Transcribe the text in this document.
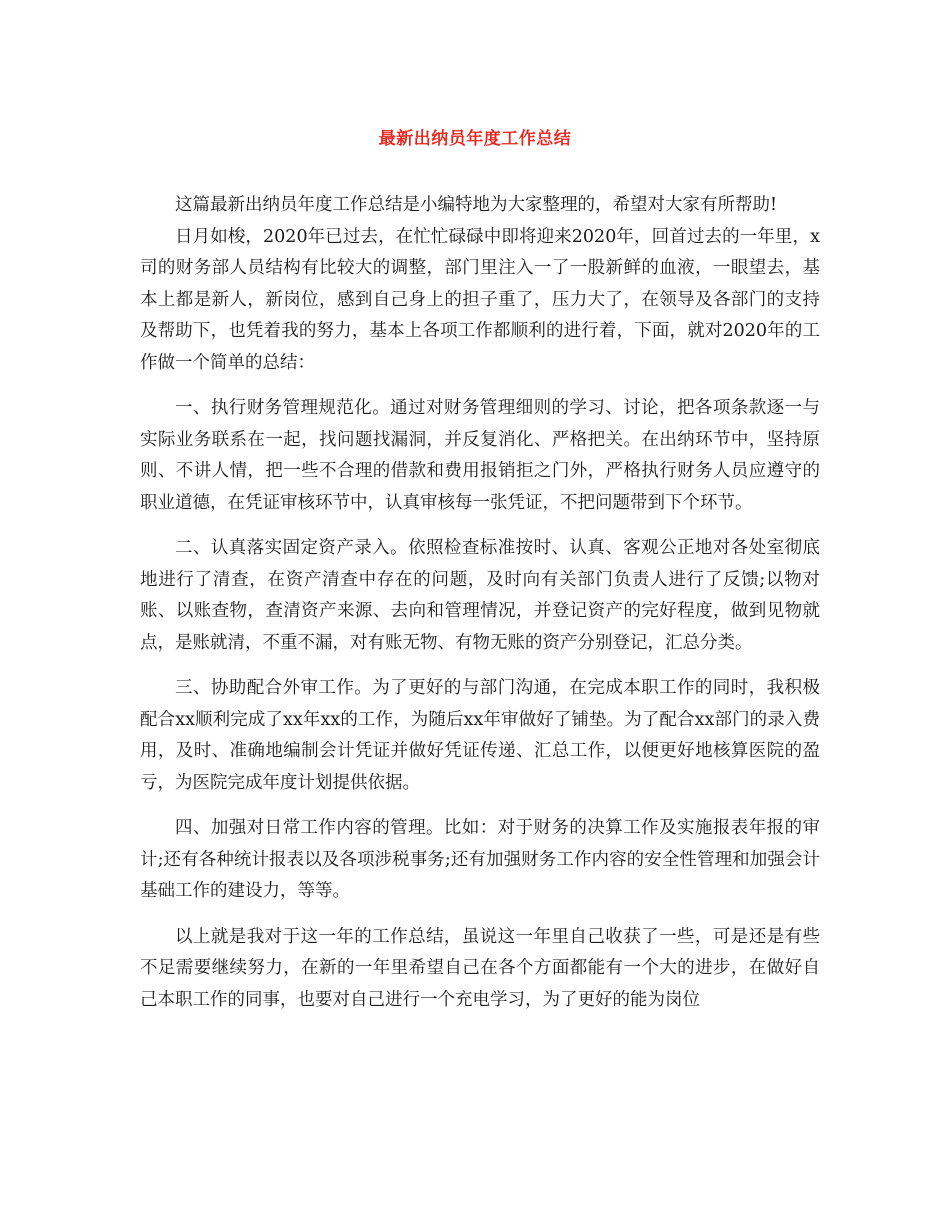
最新出纳员年度工作总结

这篇最新出纳员年度工作总结是小编特地为大家整理的，希望对大家有所帮助!

日月如梭，2020年已过去，在忙忙碌碌中即将迎来2020年，回首过去的一年里，x司的财务部人员结构有比较大的调整，部门里注入一了一股新鲜的血液，一眼望去，基本上都是新人，新岗位，感到自己身上的担子重了，压力大了，在领导及各部门的支持及帮助下，也凭着我的努力，基本上各项工作都顺利的进行着，下面，就对2020年的工作做一个简单的总结：

一、执行财务管理规范化。通过对财务管理细则的学习、讨论，把各项条款逐一与实际业务联系在一起，找问题找漏洞，并反复消化、严格把关。在出纳环节中，坚持原则、不讲人情，把一些不合理的借款和费用报销拒之门外，严格执行财务人员应遵守的职业道德，在凭证审核环节中，认真审核每一张凭证，不把问题带到下个环节。

二、认真落实固定资产录入。依照检查标准按时、认真、客观公正地对各处室彻底地进行了清查，在资产清查中存在的问题，及时向有关部门负责人进行了反馈;以物对账、以账查物，查清资产来源、去向和管理情况，并登记资产的完好程度，做到见物就点，是账就清，不重不漏，对有账无物、有物无账的资产分别登记，汇总分类。

三、协助配合外审工作。为了更好的与部门沟通，在完成本职工作的同时，我积极配合xx顺利完成了xx年xx的工作，为随后xx年审做好了铺垫。为了配合xx部门的录入费用，及时、准确地编制会计凭证并做好凭证传递、汇总工作，以便更好地核算医院的盈亏，为医院完成年度计划提供依据。

四、加强对日常工作内容的管理。比如：对于财务的决算工作及实施报表年报的审计;还有各种统计报表以及各项涉税事务;还有加强财务工作内容的安全性管理和加强会计基础工作的建设力，等等。

以上就是我对于这一年的工作总结，虽说这一年里自己收获了一些，可是还是有些不足需要继续努力，在新的一年里希望自己在各个方面都能有一个大的进步，在做好自己本职工作的同事，也要对自己进行一个充电学习，为了更好的能为岗位
